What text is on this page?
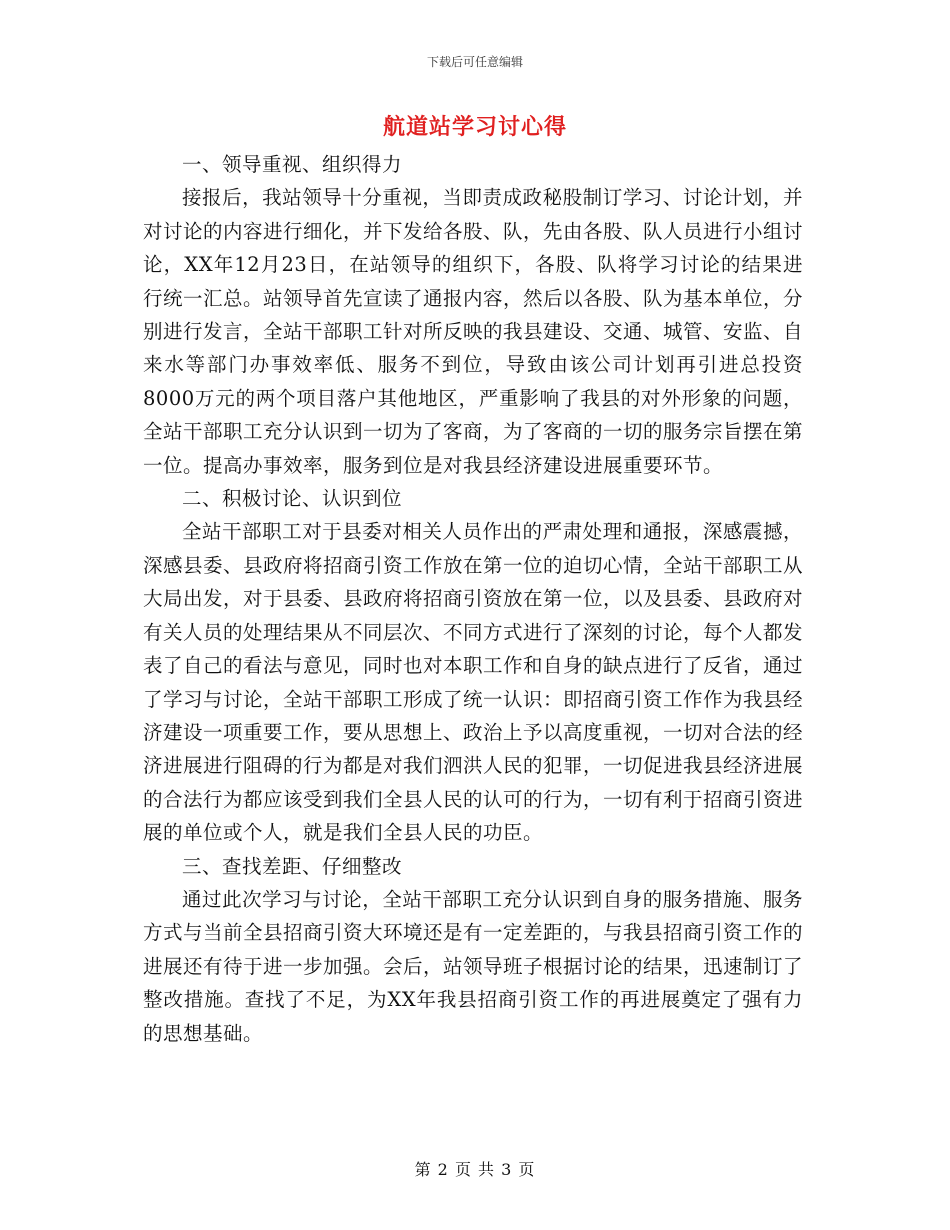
下载后可任意编辑
航道站学习讨心得

一、领导重视、组织得力

接报后，我站领导十分重视，当即责成政秘股制订学习、讨论计划，并对讨论的内容进行细化，并下发给各股、队，先由各股、队人员进行小组讨论，XX年12月23日，在站领导的组织下，各股、队将学习讨论的结果进行统一汇总。站领导首先宣读了通报内容，然后以各股、队为基本单位，分别进行发言，全站干部职工针对所反映的我县建设、交通、城管、安监、自来水等部门办事效率低、服务不到位，导致由该公司计划再引进总投资8000万元的两个项目落户其他地区，严重影响了我县的对外形象的问题，全站干部职工充分认识到一切为了客商，为了客商的一切的服务宗旨摆在第一位。提高办事效率，服务到位是对我县经济建设进展重要环节。

二、积极讨论、认识到位

全站干部职工对于县委对相关人员作出的严肃处理和通报，深感震撼，深感县委、县政府将招商引资工作放在第一位的迫切心情，全站干部职工从大局出发，对于县委、县政府将招商引资放在第一位，以及县委、县政府对有关人员的处理结果从不同层次、不同方式进行了深刻的讨论，每个人都发表了自己的看法与意见，同时也对本职工作和自身的缺点进行了反省，通过了学习与讨论，全站干部职工形成了统一认识：即招商引资工作作为我县经济建设一项重要工作，要从思想上、政治上予以高度重视，一切对合法的经济进展进行阻碍的行为都是对我们泗洪人民的犯罪，一切促进我县经济进展的合法行为都应该受到我们全县人民的认可的行为，一切有利于招商引资进展的单位或个人，就是我们全县人民的功臣。

三、查找差距、仔细整改

通过此次学习与讨论，全站干部职工充分认识到自身的服务措施、服务方式与当前全县招商引资大环境还是有一定差距的，与我县招商引资工作的进展还有待于进一步加强。会后，站领导班子根据讨论的结果，迅速制订了整改措施。查找了不足，为XX年我县招商引资工作的再进展奠定了强有力的思想基础。

第 2 页 共 3 页
